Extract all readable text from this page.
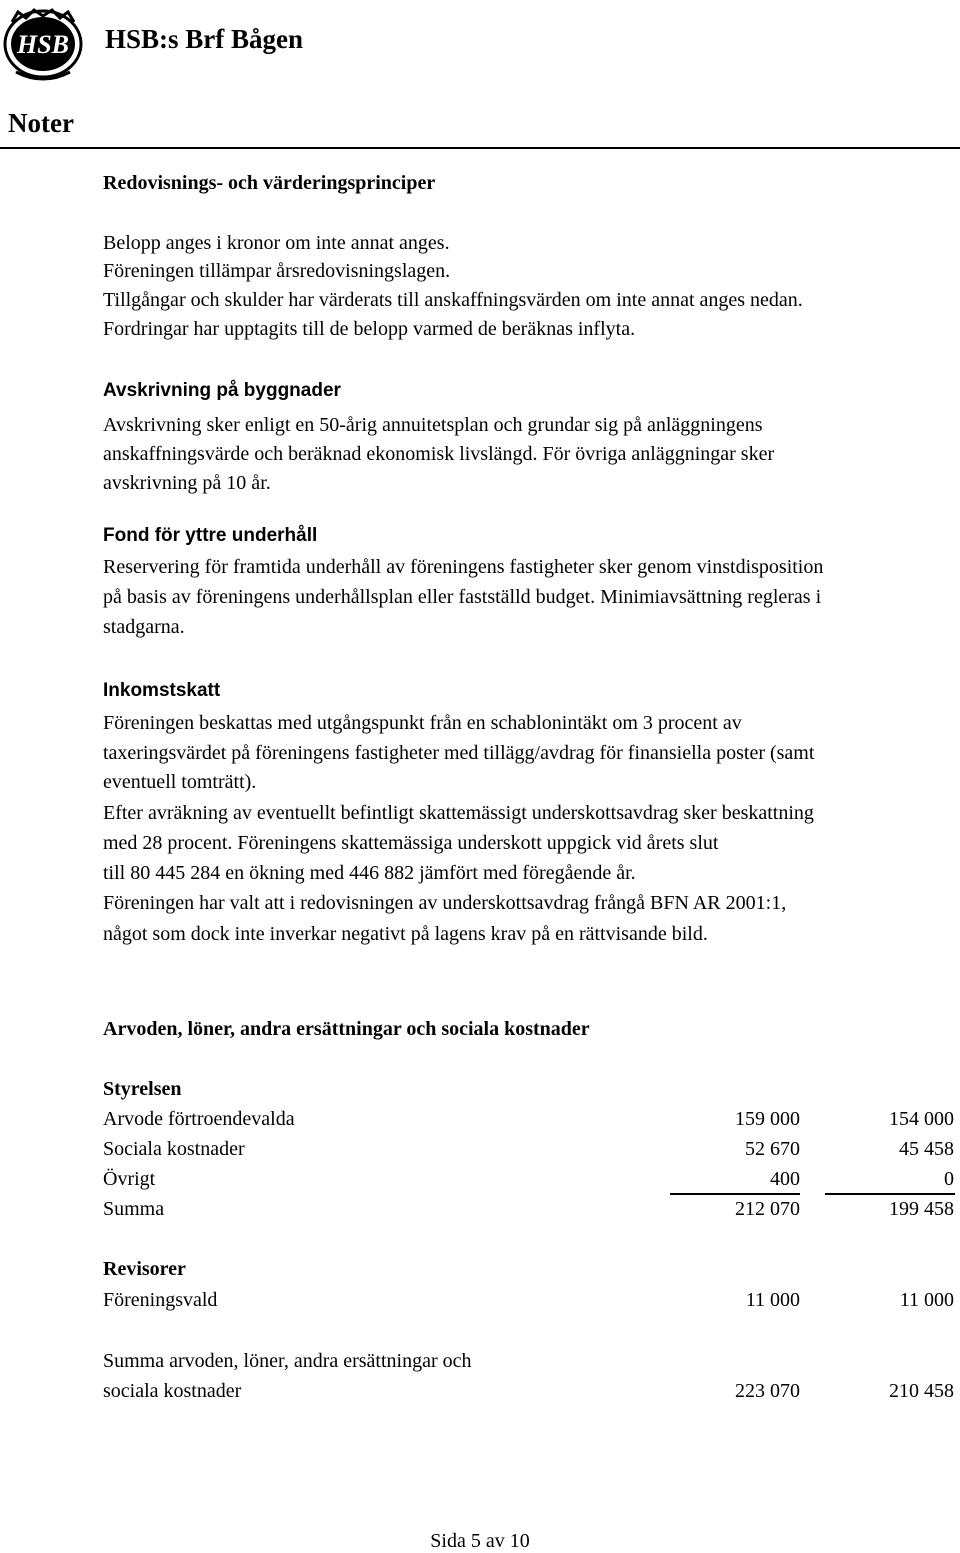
HSB HSB:s Brf Bågen
Noter
Redovisnings- och värderingsprinciper
Belopp anges i kronor om inte annat anges.
Föreningen tillämpar årsredovisningslagen.
Tillgångar och skulder har värderats till anskaffningsvärden om inte annat anges nedan.
Fordringar har upptagits till de belopp varmed de beräknas inflyta.
Avskrivning på byggnader
Avskrivning sker enligt en 50-årig annuitetsplan och grundar sig på anläggningens
anskaffningsvärde och beräknad ekonomisk livslängd. För övriga anläggningar sker
avskrivning på 10 år.
Fond för yttre underhåll
Reservering för framtida underhåll av föreningens fastigheter sker genom vinstdisposition
på basis av föreningens underhållsplan eller fastställd budget. Minimiavsättning regleras i
stadgarna.
Inkomstskatt
Föreningen beskattas med utgångspunkt från en schablonintäkt om 3 procent av
taxeringsvärdet på föreningens fastigheter med tillägg/avdrag för finansiella poster (samt
eventuell tomträtt).
Efter avräkning av eventuellt befintligt skattemässigt underskottsavdrag sker beskattning
med 28 procent. Föreningens skattemässiga underskott uppgick vid årets slut
till 80 445 284 en ökning med 446 882 jämfört med föregående år.
Föreningen har valt att i redovisningen av underskottsavdrag frångå BFN AR 2001:1,
något som dock inte inverkar negativt på lagens krav på en rättvisande bild.
Arvoden, löner, andra ersättningar och sociala kostnader
Styrelsen
Arvode förtroendevalda	159 000	154 000
Sociala kostnader	52 670	45 458
Övrigt	400	0
Summa	212 070	199 458
Revisorer
Föreningsvald	11 000	11 000
Summa arvoden, löner, andra ersättningar och
sociala kostnader	223 070	210 458
Sida 5 av 10
